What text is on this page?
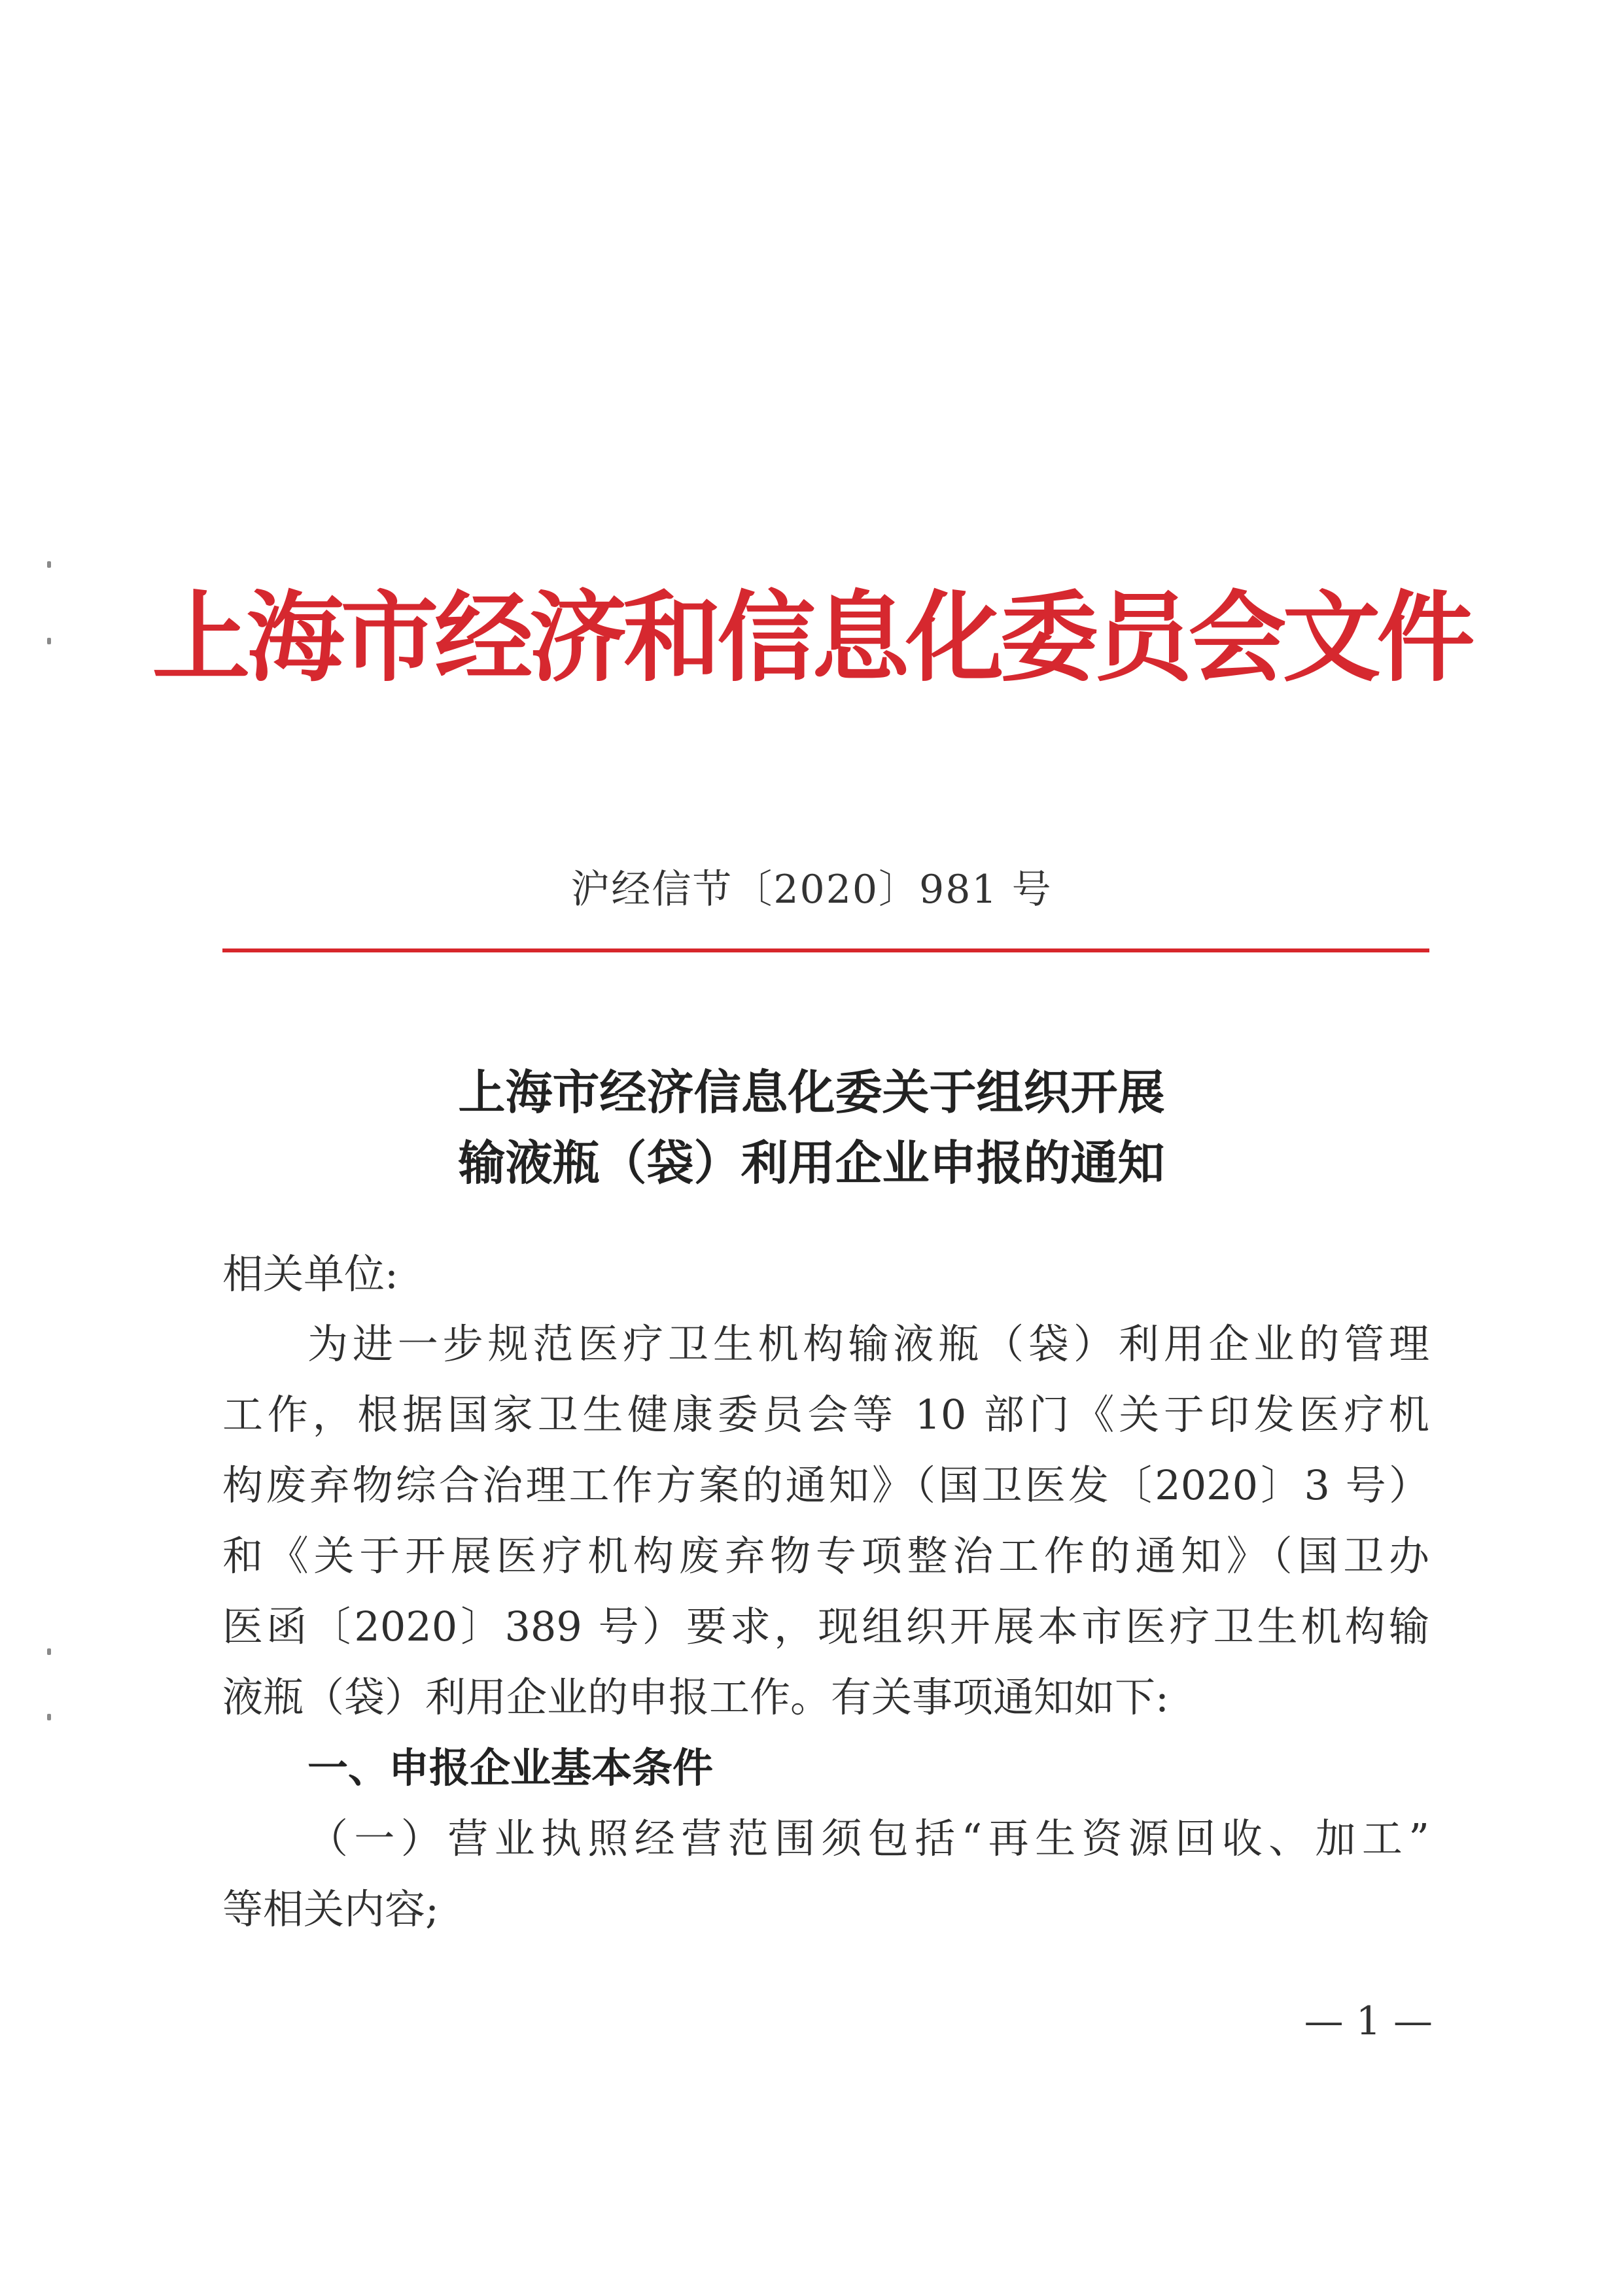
上海市经济和信息化委员会文件
沪经信节〔2020〕981 号
上海市经济信息化委关于组织开展
输液瓶（袋）利用企业申报的通知
相关单位:
为进一步规范医疗卫生机构输液瓶（袋）利用企业的管理
工作，根据国家卫生健康委员会等 10 部门《关于印发医疗机
构废弃物综合治理工作方案的通知》（国卫医发〔2020〕3 号）
和《关于开展医疗机构废弃物专项整治工作的通知》（国卫办
医函〔2020〕389 号）要求，现组织开展本市医疗卫生机构输
液瓶（袋）利用企业的申报工作。有关事项通知如下:
一、申报企业基本条件
（一）营业执照经营范围须包括“再生资源回收、加工”
等相关内容;
— 1 —
